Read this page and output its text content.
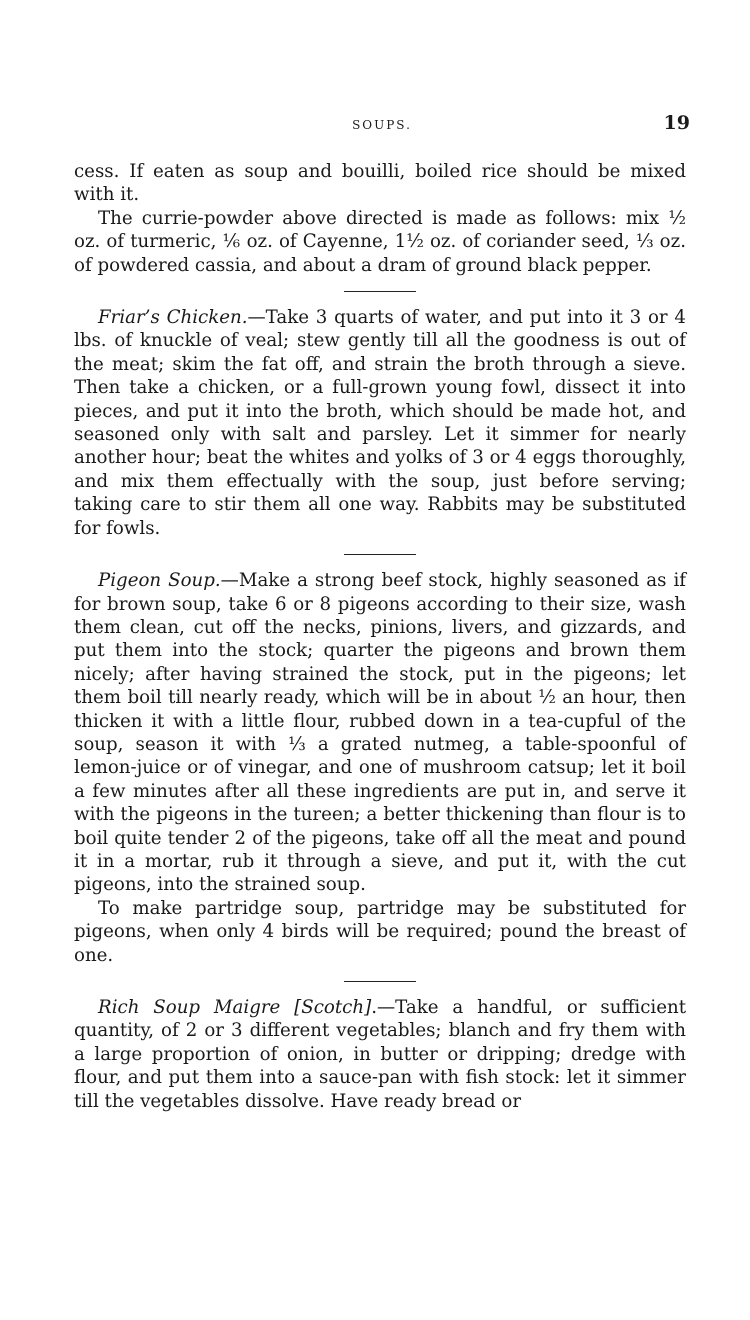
SOUPS.	19

cess. If eaten as soup and bouilli, boiled rice should be mixed with it.

The currie-powder above directed is made as follows: mix ½ oz. of turmeric, ⅙ oz. of Cayenne, 1½ oz. of coriander seed, ⅓ oz. of powdered cassia, and about a dram of ground black pepper.

Friar’s Chicken.—Take 3 quarts of water, and put into it 3 or 4 lbs. of knuckle of veal; stew gently till all the goodness is out of the meat; skim the fat off, and strain the broth through a sieve. Then take a chicken, or a full-grown young fowl, dissect it into pieces, and put it into the broth, which should be made hot, and seasoned only with salt and parsley. Let it simmer for nearly another hour; beat the whites and yolks of 3 or 4 eggs thoroughly, and mix them effectually with the soup, just before serving; taking care to stir them all one way. Rabbits may be substituted for fowls.

Pigeon Soup.—Make a strong beef stock, highly seasoned as if for brown soup, take 6 or 8 pigeons according to their size, wash them clean, cut off the necks, pinions, livers, and gizzards, and put them into the stock; quarter the pigeons and brown them nicely; after having strained the stock, put in the pigeons; let them boil till nearly ready, which will be in about ½ an hour, then thicken it with a little flour, rubbed down in a tea-cupful of the soup, season it with ⅓ a grated nutmeg, a table-spoonful of lemon-juice or of vinegar, and one of mushroom catsup; let it boil a few minutes after all these ingredients are put in, and serve it with the pigeons in the tureen; a better thickening than flour is to boil quite tender 2 of the pigeons, take off all the meat and pound it in a mortar, rub it through a sieve, and put it, with the cut pigeons, into the strained soup.

To make partridge soup, partridge may be substituted for pigeons, when only 4 birds will be required; pound the breast of one.

Rich Soup Maigre [Scotch].—Take a handful, or sufficient quantity, of 2 or 3 different vegetables; blanch and fry them with a large proportion of onion, in butter or dripping; dredge with flour, and put them into a sauce-pan with fish stock: let it simmer till the vegetables dissolve. Have ready bread or
